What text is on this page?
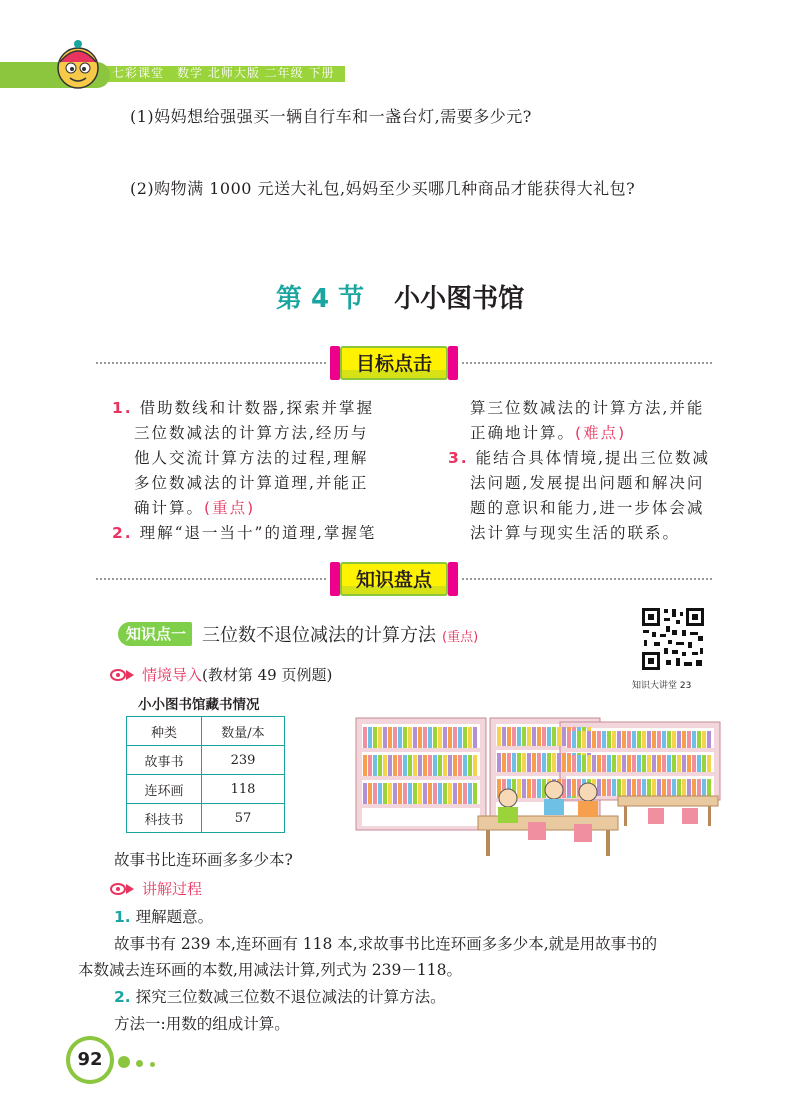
七彩课堂　数学 北师大版 二年级 下册
(1)妈妈想给强强买一辆自行车和一盏台灯,需要多少元?
(2)购物满 1000 元送大礼包,妈妈至少买哪几种商品才能获得大礼包?
第 4 节 小小图书馆
目标点击
1. 借助数线和计数器,探索并掌握
三位数减法的计算方法,经历与
他人交流计算方法的过程,理解
多位数减法的计算道理,并能正
确计算。(重点)
2. 理解“退一当十”的道理,掌握笔
算三位数减法的计算方法,并能
正确地计算。(难点)
3. 能结合具体情境,提出三位数减
法问题,发展提出问题和解决问
题的意识和能力,进一步体会减
法计算与现实生活的联系。
知识盘点
知识点一 三位数不退位减法的计算方法 (重点)
知识大讲堂 23
情境导入(教材第 49 页例题)
小小图书馆藏书情况
种类	数量/本
故事书	239
连环画	118
科技书	57
故事书比连环画多多少本?
讲解过程
1. 理解题意。
故事书有 239 本,连环画有 118 本,求故事书比连环画多多少本,就是用故事书的
本数减去连环画的本数,用减法计算,列式为 239－118。
2. 探究三位数减三位数不退位减法的计算方法。
方法一:用数的组成计算。
92
